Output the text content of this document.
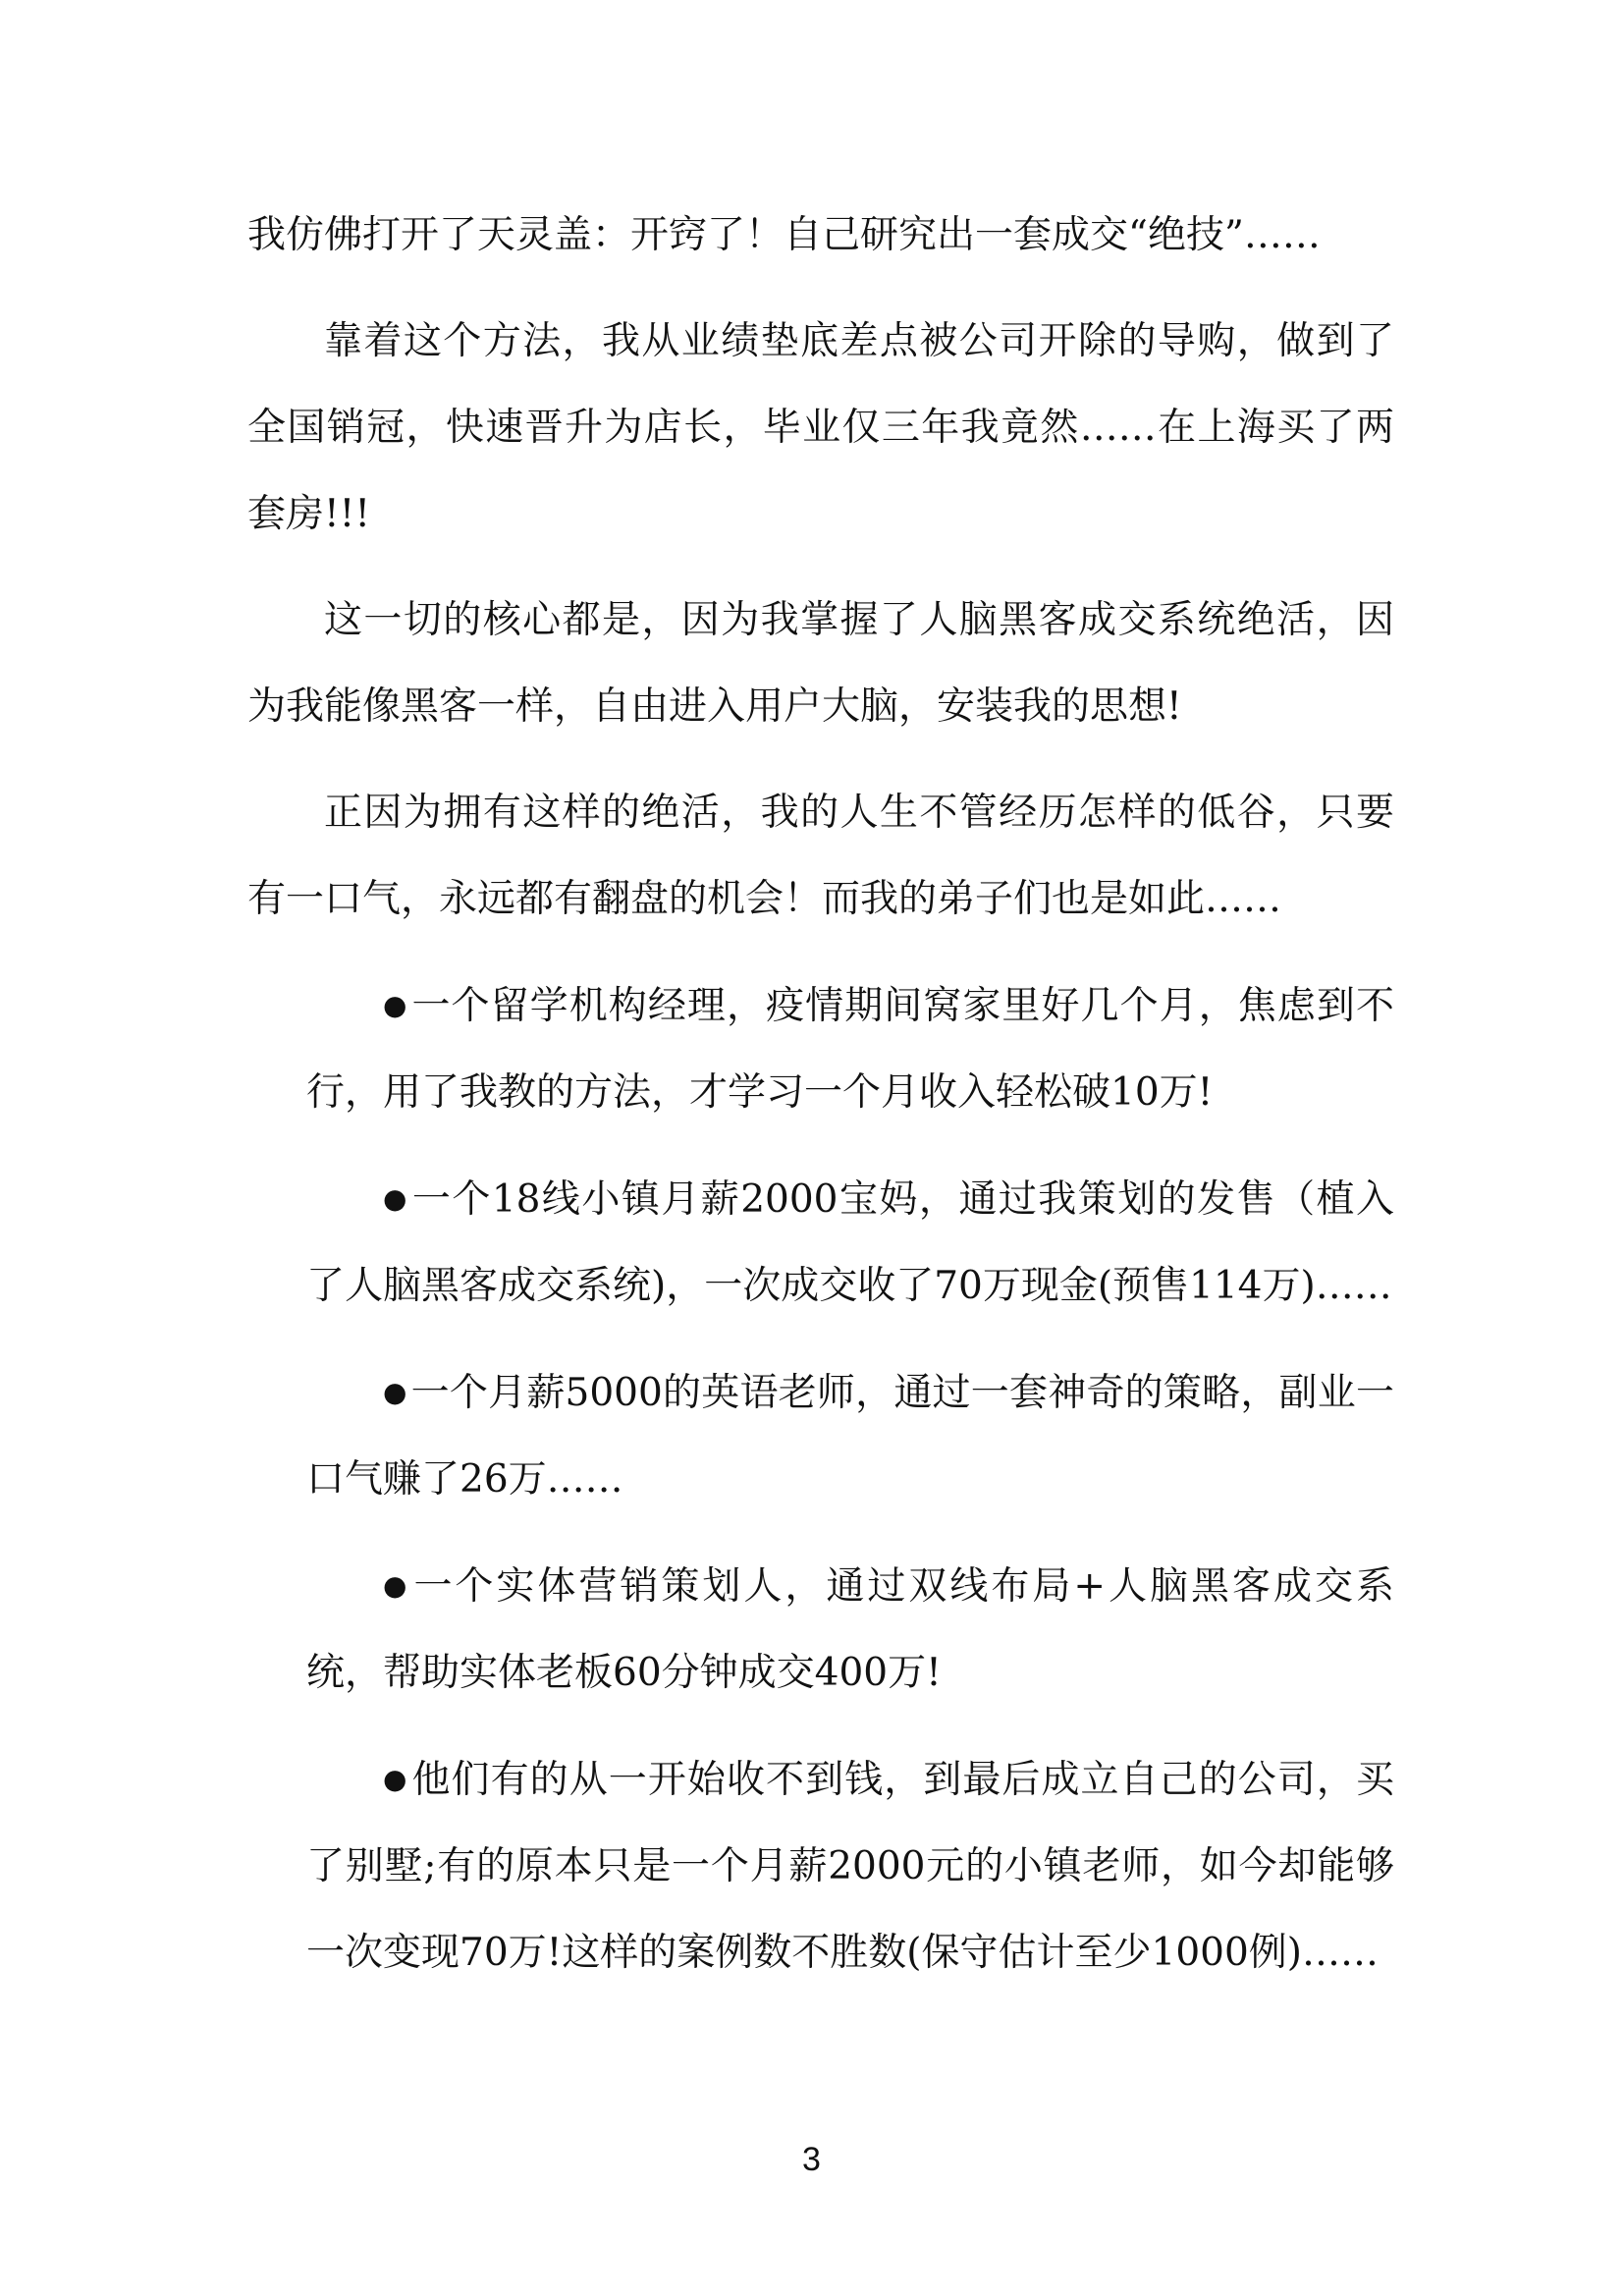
我仿佛打开了天灵盖：开窍了！自己研究出一套成交“绝技”……

靠着这个方法，我从业绩垫底差点被公司开除的导购，做到了全国销冠，快速晋升为店长，毕业仅三年我竟然……在上海买了两套房!!!

这一切的核心都是，因为我掌握了人脑黑客成交系统绝活，因为我能像黑客一样，自由进入用户大脑，安装我的思想!

正因为拥有这样的绝活，我的人生不管经历怎样的低谷，只要有一口气，永远都有翻盘的机会！而我的弟子们也是如此……

● 一个留学机构经理，疫情期间窝家里好几个月，焦虑到不行，用了我教的方法，才学习一个月收入轻松破10万!

● 一个18线小镇月薪2000宝妈，通过我策划的发售（植入了人脑黑客成交系统)，一次成交收了70万现金(预售114万)……

● 一个月薪5000的英语老师，通过一套神奇的策略，副业一口气赚了26万……

● 一个实体营销策划人，通过双线布局+人脑黑客成交系统，帮助实体老板60分钟成交400万!

● 他们有的从一开始收不到钱，到最后成立自己的公司，买了别墅;有的原本只是一个月薪2000元的小镇老师，如今却能够一次变现70万!这样的案例数不胜数(保守估计至少1000例)……

3
